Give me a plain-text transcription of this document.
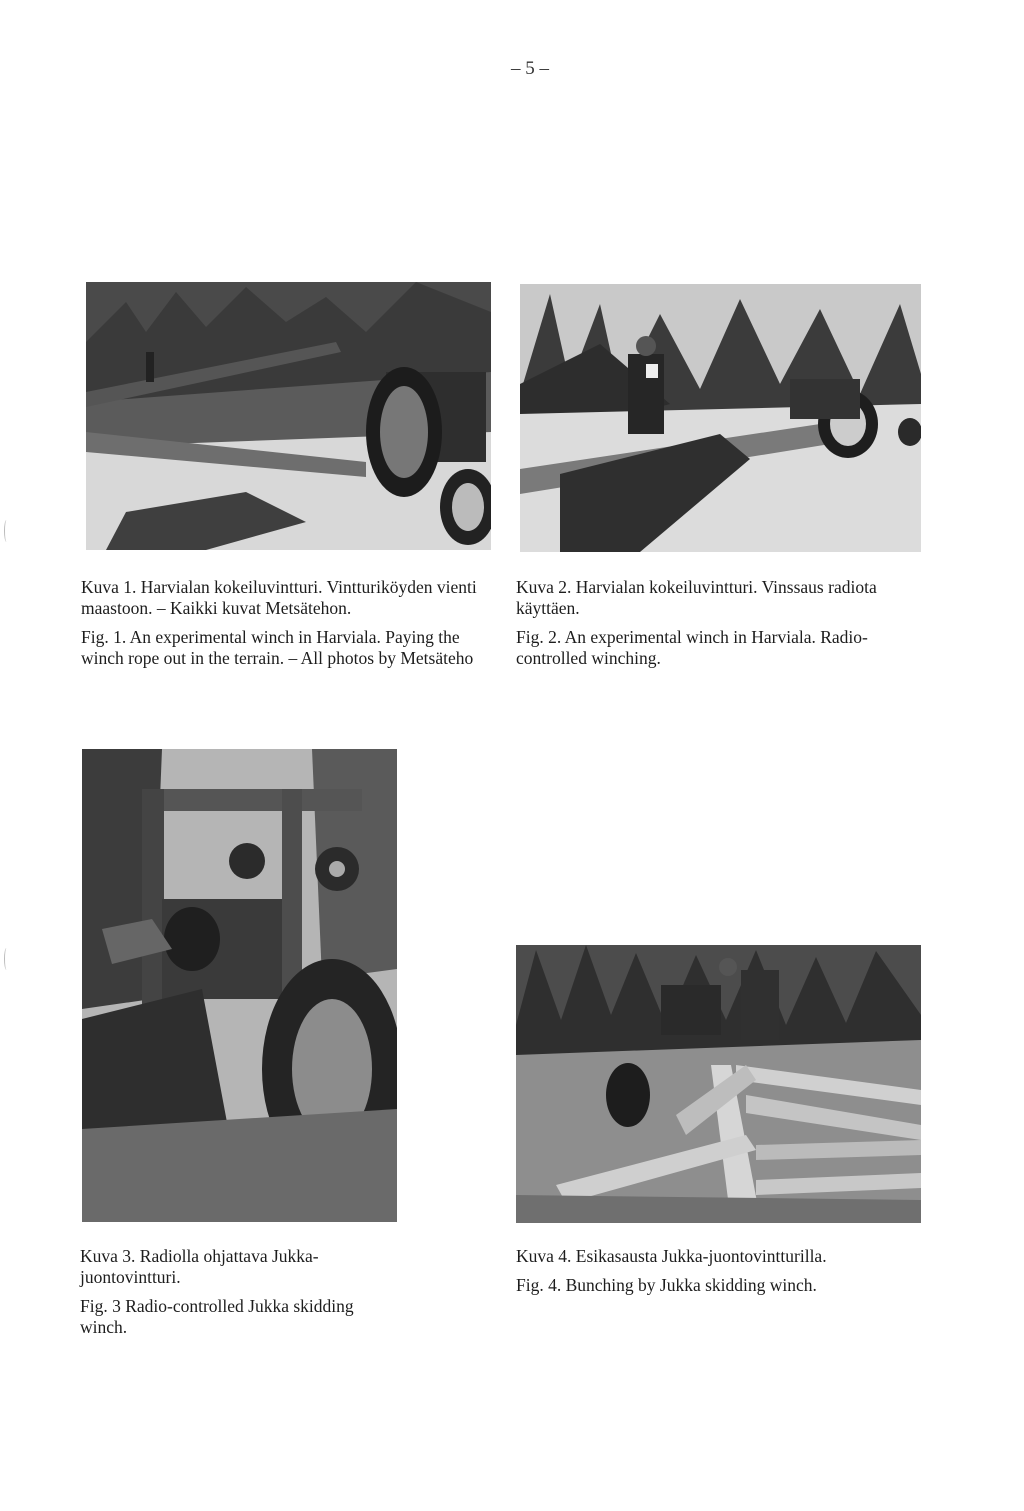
– 5 –

Kuva 1. Harvialan kokeiluvintturi. Vintturiköyden vienti maastoon. – Kaikki kuvat Metsätehon.

Fig. 1. An experimental winch in Harviala. Paying the winch rope out in the terrain. – All photos by Metsäteho

Kuva 2. Harvialan kokeiluvintturi. Vinssaus radiota käyttäen.

Fig. 2. An experimental winch in Harviala. Radio-controlled winching.

Kuva 3. Radiolla ohjattava Jukka-juontovintturi.

Fig. 3 Radio-controlled Jukka skidding winch.

Kuva 4. Esikasausta Jukka-juontovintturilla.

Fig. 4. Bunching by Jukka skidding winch.
